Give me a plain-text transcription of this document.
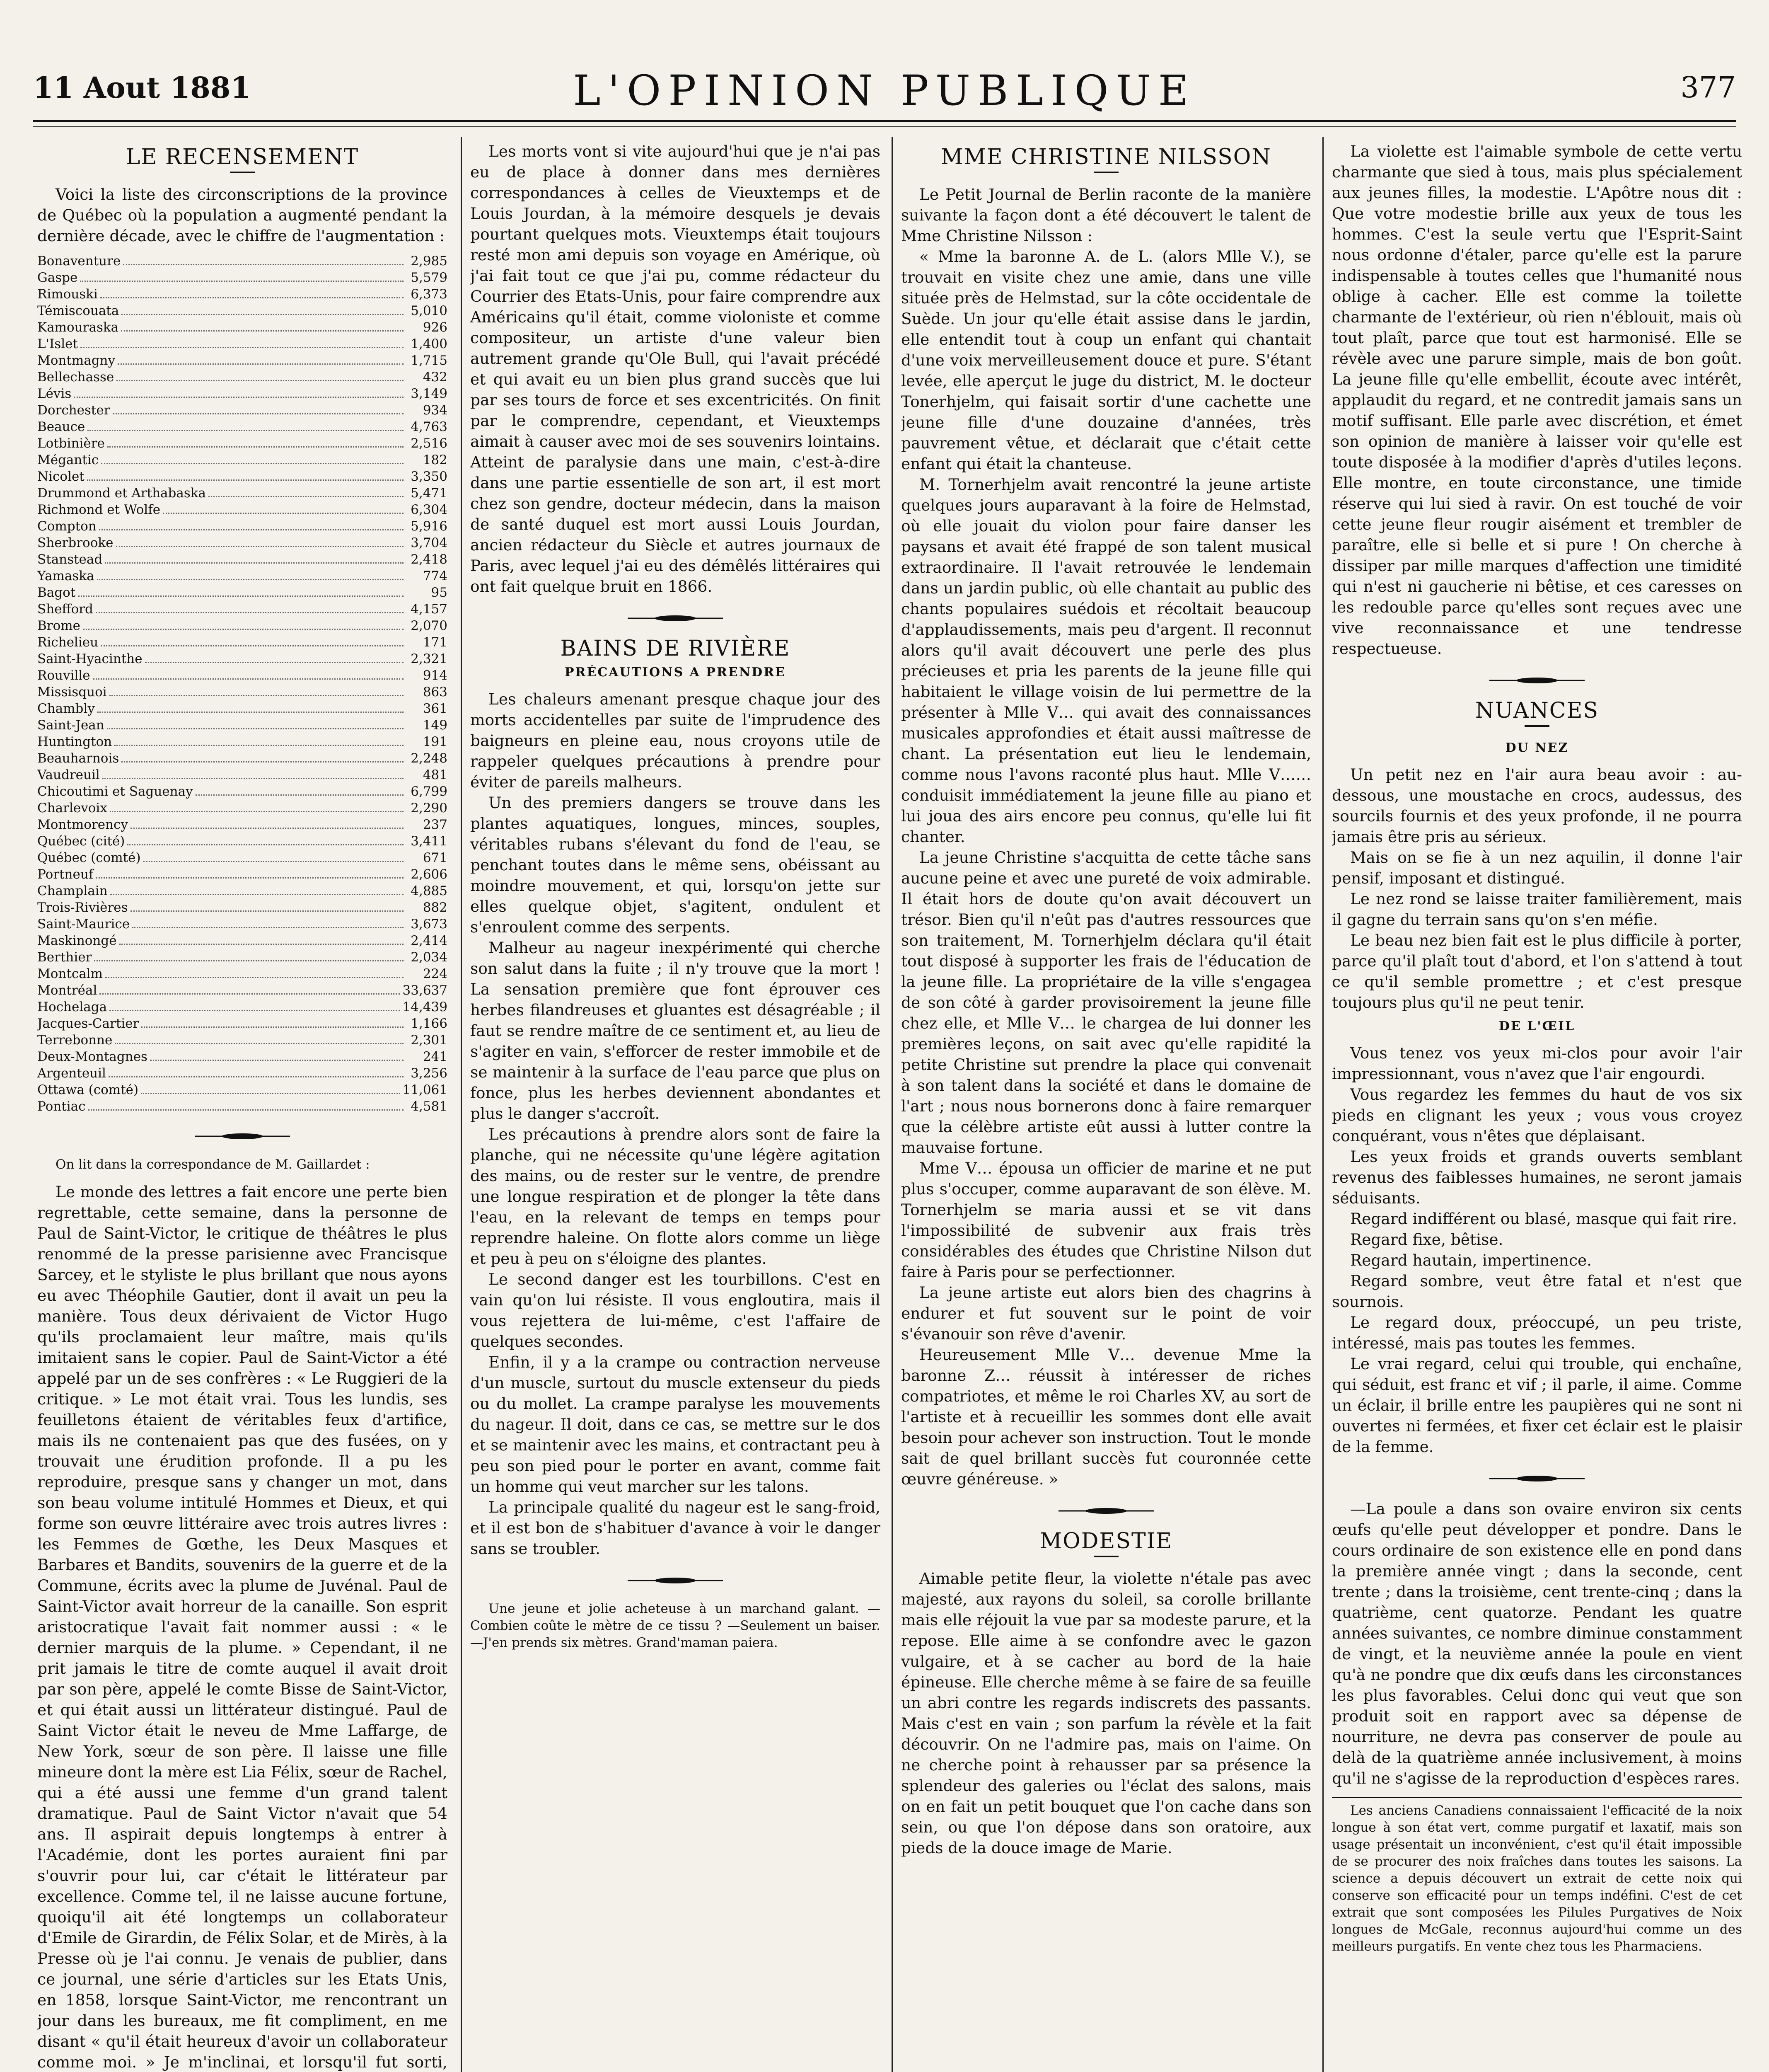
11 Aout 1881	L'OPINION PUBLIQUE	377
LE RECENSEMENT

Voici la liste des circonscriptions de la province de Québec où la population a augmenté pendant la dernière décade, avec le chiffre de l'augmentation :

Bonaventure	2,985
Gaspe	5,579
Rimouski	6,373
Témiscouata	5,010
Kamouraska	926
L'Islet	1,400
Montmagny	1,715
Bellechasse	432
Lévis	3,149
Dorchester	934
Beauce	4,763
Lotbinière	2,516
Mégantic	182
Nicolet	3,350
Drummond et Arthabaska	5,471
Richmond et Wolfe	6,304
Compton	5,916
Sherbrooke	3,704
Stanstead	2,418
Yamaska	774
Bagot	95
Shefford	4,157
Brome	2,070
Richelieu	171
Saint-Hyacinthe	2,321
Rouville	914
Missisquoi	863
Chambly	361
Saint-Jean	149
Huntington	191
Beauharnois	2,248
Vaudreuil	481
Chicoutimi et Saguenay	6,799
Charlevoix	2,290
Montmorency	237
Québec (cité)	3,411
Québec (comté)	671
Portneuf	2,606
Champlain	4,885
Trois-Rivières	882
Saint-Maurice	3,673
Maskinongé	2,414
Berthier	2,034
Montcalm	224
Montréal	33,637
Hochelaga	14,439
Jacques-Cartier	1,166
Terrebonne	2,301
Deux-Montagnes	241
Argenteuil	3,256
Ottawa (comté)	11,061
Pontiac	4,581

On lit dans la correspondance de M. Gaillardet :

Le monde des lettres a fait encore une perte bien regrettable, cette semaine, dans la personne de Paul de Saint-Victor, le critique de théâtres le plus renommé de la presse parisienne avec Francisque Sarcey, et le styliste le plus brillant que nous ayons eu avec Théophile Gautier, dont il avait un peu la manière. Tous deux dérivaient de Victor Hugo qu'ils proclamaient leur maître, mais qu'ils imitaient sans le copier. Paul de Saint-Victor a été appelé par un de ses confrères : « Le Ruggieri de la critique. » Le mot était vrai. Tous les lundis, ses feuilletons étaient de véritables feux d'artifice, mais ils ne contenaient pas que des fusées, on y trouvait une érudition profonde. Il a pu les reproduire, presque sans y changer un mot, dans son beau volume intitulé Hommes et Dieux, et qui forme son œuvre littéraire avec trois autres livres : les Femmes de Gœthe, les Deux Masques et Barbares et Bandits, souvenirs de la guerre et de la Commune, écrits avec la plume de Juvénal. Paul de Saint-Victor avait horreur de la canaille. Son esprit aristocratique l'avait fait nommer aussi : « le dernier marquis de la plume. » Cependant, il ne prit jamais le titre de comte auquel il avait droit par son père, appelé le comte Bisse de Saint-Victor, et qui était aussi un littérateur distingué. Paul de Saint Victor était le neveu de Mme Laffarge, de New York, sœur de son père. Il laisse une fille mineure dont la mère est Lia Félix, sœur de Rachel, qui a été aussi une femme d'un grand talent dramatique. Paul de Saint Victor n'avait que 54 ans. Il aspirait depuis longtemps à entrer à l'Académie, dont les portes auraient fini par s'ouvrir pour lui, car c'était le littérateur par excellence. Comme tel, il ne laisse aucune fortune, quoiqu'il ait été longtemps un collaborateur d'Emile de Girardin, de Félix Solar, et de Mirès, à la Presse où je l'ai connu. Je venais de publier, dans ce journal, une série d'articles sur les Etats Unis, en 1858, lorsque Saint-Victor, me rencontrant un jour dans les bureaux, me fit compliment, en me disant « qu'il était heureux d'avoir un collaborateur comme moi. » Je m'inclinai, et lorsqu'il fut sorti,

Les morts vont si vite aujourd'hui que je n'ai pas eu de place à donner dans mes dernières correspondances à celles de Vieuxtemps et de Louis Jourdan, à la mémoire desquels je devais pourtant quelques mots. Vieuxtemps était toujours resté mon ami depuis son voyage en Amérique, où j'ai fait tout ce que j'ai pu, comme rédacteur du Courrier des Etats-Unis, pour faire comprendre aux Américains qu'il était, comme violoniste et comme compositeur, un artiste d'une valeur bien autrement grande qu'Ole Bull, qui l'avait précédé et qui avait eu un bien plus grand succès que lui par ses tours de force et ses excentricités. On finit par le comprendre, cependant, et Vieuxtemps aimait à causer avec moi de ses souvenirs lointains. Atteint de paralysie dans une main, c'est-à-dire dans une partie essentielle de son art, il est mort chez son gendre, docteur médecin, dans la maison de santé duquel est mort aussi Louis Jourdan, ancien rédacteur du Siècle et autres journaux de Paris, avec lequel j'ai eu des démêlés littéraires qui ont fait quelque bruit en 1866.

BAINS DE RIVIÈRE
PRÉCAUTIONS A PRENDRE

Les chaleurs amenant presque chaque jour des morts accidentelles par suite de l'imprudence des baigneurs en pleine eau, nous croyons utile de rappeler quelques précautions à prendre pour éviter de pareils malheurs.

Un des premiers dangers se trouve dans les plantes aquatiques, longues, minces, souples, véritables rubans s'élevant du fond de l'eau, se penchant toutes dans le même sens, obéissant au moindre mouvement, et qui, lorsqu'on jette sur elles quelque objet, s'agitent, ondulent et s'enroulent comme des serpents.

Malheur au nageur inexpérimenté qui cherche son salut dans la fuite ; il n'y trouve que la mort ! La sensation première que font éprouver ces herbes filandreuses et gluantes est désagréable ; il faut se rendre maître de ce sentiment et, au lieu de s'agiter en vain, s'efforcer de rester immobile et de se maintenir à la surface de l'eau parce que plus on fonce, plus les herbes deviennent abondantes et plus le danger s'accroît.

Les précautions à prendre alors sont de faire la planche, qui ne nécessite qu'une légère agitation des mains, ou de rester sur le ventre, de prendre une longue respiration et de plonger la tête dans l'eau, en la relevant de temps en temps pour reprendre haleine. On flotte alors comme un liège et peu à peu on s'éloigne des plantes.

Le second danger est les tourbillons. C'est en vain qu'on lui résiste. Il vous engloutira, mais il vous rejettera de lui-même, c'est l'affaire de quelques secondes.

Enfin, il y a la crampe ou contraction nerveuse d'un muscle, surtout du muscle extenseur du pieds ou du mollet. La crampe paralyse les mouvements du nageur. Il doit, dans ce cas, se mettre sur le dos et se maintenir avec les mains, et contractant peu à peu son pied pour le porter en avant, comme fait un homme qui veut marcher sur les talons.

La principale qualité du nageur est le sang-froid, et il est bon de s'habituer d'avance à voir le danger sans se troubler.

Une jeune et jolie acheteuse à un marchand galant. —Combien coûte le mètre de ce tissu ? —Seulement un baiser. —J'en prends six mètres. Grand'maman paiera.

MME CHRISTINE NILSSON

Le Petit Journal de Berlin raconte de la manière suivante la façon dont a été découvert le talent de Mme Christine Nilsson :

« Mme la baronne A. de L. (alors Mlle V.), se trouvait en visite chez une amie, dans une ville située près de Helmstad, sur la côte occidentale de Suède. Un jour qu'elle était assise dans le jardin, elle entendit tout à coup un enfant qui chantait d'une voix merveilleusement douce et pure. S'étant levée, elle aperçut le juge du district, M. le docteur Tonerhjelm, qui faisait sortir d'une cachette une jeune fille d'une douzaine d'années, très pauvrement vêtue, et déclarait que c'était cette enfant qui était la chanteuse.

M. Tornerhjelm avait rencontré la jeune artiste quelques jours auparavant à la foire de Helmstad, où elle jouait du violon pour faire danser les paysans et avait été frappé de son talent musical extraordinaire. Il l'avait retrouvée le lendemain dans un jardin public, où elle chantait au public des chants populaires suédois et récoltait beaucoup d'applaudissements, mais peu d'argent. Il reconnut alors qu'il avait découvert une perle des plus précieuses et pria les parents de la jeune fille qui habitaient le village voisin de lui permettre de la présenter à Mlle V… qui avait des connaissances musicales approfondies et était aussi maîtresse de chant. La présentation eut lieu le lendemain, comme nous l'avons raconté plus haut. Mlle V…… conduisit immédiatement la jeune fille au piano et lui joua des airs encore peu connus, qu'elle lui fit chanter.

La jeune Christine s'acquitta de cette tâche sans aucune peine et avec une pureté de voix admirable. Il était hors de doute qu'on avait découvert un trésor. Bien qu'il n'eût pas d'autres ressources que son traitement, M. Tornerhjelm déclara qu'il était tout disposé à supporter les frais de l'éducation de la jeune fille. La propriétaire de la ville s'engagea de son côté à garder provisoirement la jeune fille chez elle, et Mlle V… le chargea de lui donner les premières leçons, on sait avec qu'elle rapidité la petite Christine sut prendre la place qui convenait à son talent dans la société et dans le domaine de l'art ; nous nous bornerons donc à faire remarquer que la célèbre artiste eût aussi à lutter contre la mauvaise fortune.

Mme V… épousa un officier de marine et ne put plus s'occuper, comme auparavant de son élève. M. Tornerhjelm se maria aussi et se vit dans l'impossibilité de subvenir aux frais très considérables des études que Christine Nilson dut faire à Paris pour se perfectionner.

La jeune artiste eut alors bien des chagrins à endurer et fut souvent sur le point de voir s'évanouir son rêve d'avenir.

Heureusement Mlle V… devenue Mme la baronne Z… réussit à intéresser de riches compatriotes, et même le roi Charles XV, au sort de l'artiste et à recueillir les sommes dont elle avait besoin pour achever son instruction. Tout le monde sait de quel brillant succès fut couronnée cette œuvre généreuse. »

MODESTIE

Aimable petite fleur, la violette n'étale pas avec majesté, aux rayons du soleil, sa corolle brillante mais elle réjouit la vue par sa modeste parure, et la repose. Elle aime à se confondre avec le gazon vulgaire, et à se cacher au bord de la haie épineuse. Elle cherche même à se faire de sa feuille un abri contre les regards indiscrets des passants. Mais c'est en vain ; son parfum la révèle et la fait découvrir. On ne l'admire pas, mais on l'aime. On ne cherche point à rehausser par sa présence la splendeur des galeries ou l'éclat des salons, mais on en fait un petit bouquet que l'on cache dans son sein, ou que l'on dépose dans son oratoire, aux pieds de la douce image de Marie.

La violette est l'aimable symbole de cette vertu charmante que sied à tous, mais plus spécialement aux jeunes filles, la modestie. L'Apôtre nous dit : Que votre modestie brille aux yeux de tous les hommes. C'est la seule vertu que l'Esprit-Saint nous ordonne d'étaler, parce qu'elle est la parure indispensable à toutes celles que l'humanité nous oblige à cacher. Elle est comme la toilette charmante de l'extérieur, où rien n'éblouit, mais où tout plaît, parce que tout est harmonisé. Elle se révèle avec une parure simple, mais de bon goût. La jeune fille qu'elle embellit, écoute avec intérêt, applaudit du regard, et ne contredit jamais sans un motif suffisant. Elle parle avec discrétion, et émet son opinion de manière à laisser voir qu'elle est toute disposée à la modifier d'après d'utiles leçons. Elle montre, en toute circonstance, une timide réserve qui lui sied à ravir. On est touché de voir cette jeune fleur rougir aisément et trembler de paraître, elle si belle et si pure ! On cherche à dissiper par mille marques d'affection une timidité qui n'est ni gaucherie ni bêtise, et ces caresses on les redouble parce qu'elles sont reçues avec une vive reconnaissance et une tendresse respectueuse.

NUANCES
DU NEZ

Un petit nez en l'air aura beau avoir : au-dessous, une moustache en crocs, audessus, des sourcils fournis et des yeux profonde, il ne pourra jamais être pris au sérieux.

Mais on se fie à un nez aquilin, il donne l'air pensif, imposant et distingué.

Le nez rond se laisse traiter familièrement, mais il gagne du terrain sans qu'on s'en méfie.

Le beau nez bien fait est le plus difficile à porter, parce qu'il plaît tout d'abord, et l'on s'attend à tout ce qu'il semble promettre ; et c'est presque toujours plus qu'il ne peut tenir.

DE L'ŒIL

Vous tenez vos yeux mi-clos pour avoir l'air impressionnant, vous n'avez que l'air engourdi.

Vous regardez les femmes du haut de vos six pieds en clignant les yeux ; vous vous croyez conquérant, vous n'êtes que déplaisant.

Les yeux froids et grands ouverts semblant revenus des faiblesses humaines, ne seront jamais séduisants.

Regard indifférent ou blasé, masque qui fait rire.

Regard fixe, bêtise.

Regard hautain, impertinence.

Regard sombre, veut être fatal et n'est que sournois.

Le regard doux, préoccupé, un peu triste, intéressé, mais pas toutes les femmes.

Le vrai regard, celui qui trouble, qui enchaîne, qui séduit, est franc et vif ; il parle, il aime. Comme un éclair, il brille entre les paupières qui ne sont ni ouvertes ni fermées, et fixer cet éclair est le plaisir de la femme.

—La poule a dans son ovaire environ six cents œufs qu'elle peut développer et pondre. Dans le cours ordinaire de son existence elle en pond dans la première année vingt ; dans la seconde, cent trente ; dans la troisième, cent trente-cinq ; dans la quatrième, cent quatorze. Pendant les quatre années suivantes, ce nombre diminue constamment de vingt, et la neuvième année la poule en vient qu'à ne pondre que dix œufs dans les circonstances les plus favorables. Celui donc qui veut que son produit soit en rapport avec sa dépense de nourriture, ne devra pas conserver de poule au delà de la quatrième année inclusivement, à moins qu'il ne s'agisse de la reproduction d'espèces rares.

Les anciens Canadiens connaissaient l'efficacité de la noix longue à son état vert, comme purgatif et laxatif, mais son usage présentait un inconvénient, c'est qu'il était impossible de se procurer des noix fraîches dans toutes les saisons. La science a depuis découvert un extrait de cette noix qui conserve son efficacité pour un temps indéfini. C'est de cet extrait que sont composées les Pilules Purgatives de Noix longues de McGale, reconnus aujourd'hui comme un des meilleurs purgatifs. En vente chez tous les Pharmaciens.
